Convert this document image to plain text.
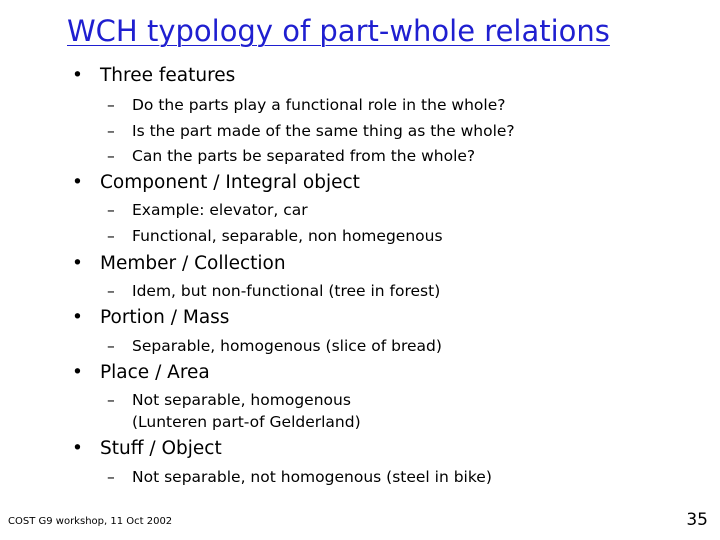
WCH typology of part-whole relations
• Three features
– Do the parts play a functional role in the whole?
– Is the part made of the same thing as the whole?
– Can the parts be separated from the whole?
• Component / Integral object
– Example: elevator, car
– Functional, separable, non homegenous
• Member / Collection
– Idem, but non-functional (tree in forest)
• Portion / Mass
– Separable, homogenous (slice of bread)
• Place / Area
– Not separable, homogenous
(Lunteren part-of Gelderland)
• Stuff / Object
– Not separable, not homogenous (steel in bike)
COST G9 workshop, 11 Oct 2002	35
